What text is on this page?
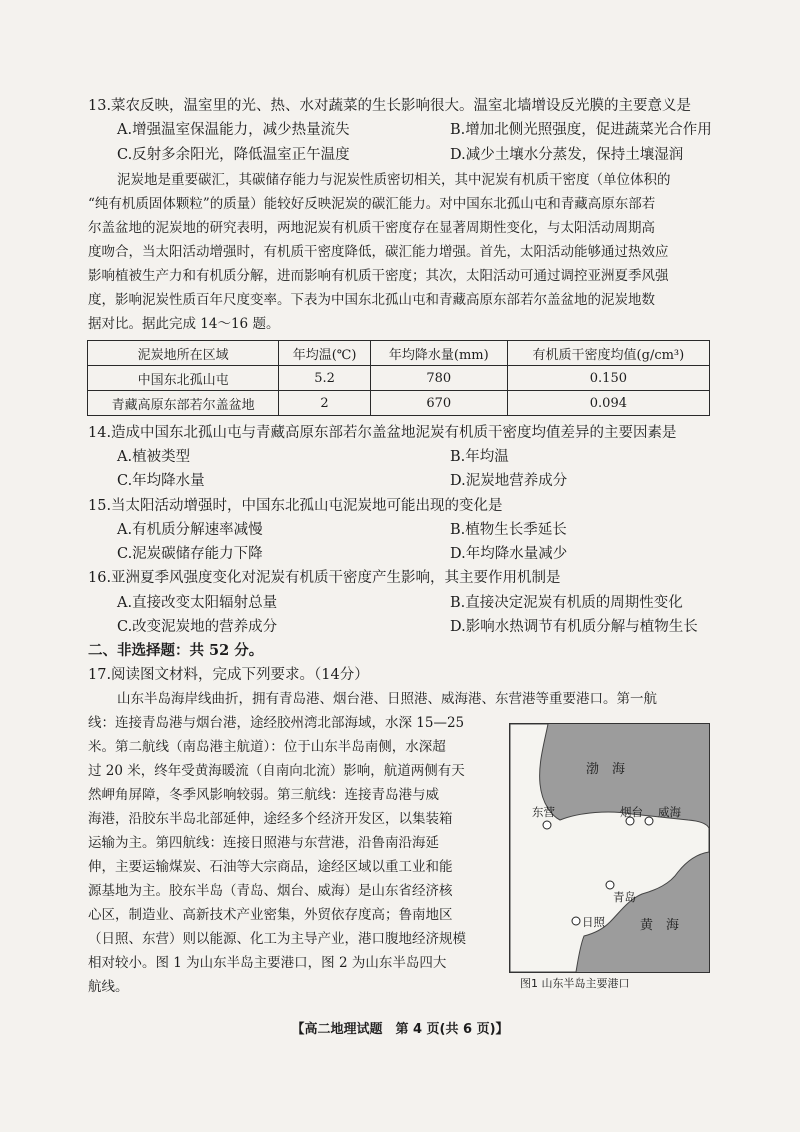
13.菜农反映，温室里的光、热、水对蔬菜的生长影响很大。温室北墙增设反光膜的主要意义是
A.增强温室保温能力，减少热量流失	B.增加北侧光照强度，促进蔬菜光合作用
C.反射多余阳光，降低温室正午温度	D.减少土壤水分蒸发，保持土壤湿润
泥炭地是重要碳汇，其碳储存能力与泥炭性质密切相关，其中泥炭有机质干密度（单位体积的
“纯有机质固体颗粒”的质量）能较好反映泥炭的碳汇能力。对中国东北孤山屯和青藏高原东部若
尔盖盆地的泥炭地的研究表明，两地泥炭有机质干密度存在显著周期性变化，与太阳活动周期高
度吻合，当太阳活动增强时，有机质干密度降低，碳汇能力增强。首先，太阳活动能够通过热效应
影响植被生产力和有机质分解，进而影响有机质干密度；其次，太阳活动可通过调控亚洲夏季风强
度，影响泥炭性质百年尺度变率。下表为中国东北孤山屯和青藏高原东部若尔盖盆地的泥炭地数
据对比。据此完成 14～16 题。
泥炭地所在区域	年均温(℃)	年均降水量(mm)	有机质干密度均值(g/cm³)
中国东北孤山屯	5.2	780	0.150
青藏高原东部若尔盖盆地	2	670	0.094
14.造成中国东北孤山屯与青藏高原东部若尔盖盆地泥炭有机质干密度均值差异的主要因素是
A.植被类型	B.年均温
C.年均降水量	D.泥炭地营养成分
15.当太阳活动增强时，中国东北孤山屯泥炭地可能出现的变化是
A.有机质分解速率减慢	B.植物生长季延长
C.泥炭碳储存能力下降	D.年均降水量减少
16.亚洲夏季风强度变化对泥炭有机质干密度产生影响，其主要作用机制是
A.直接改变太阳辐射总量	B.直接决定泥炭有机质的周期性变化
C.改变泥炭地的营养成分	D.影响水热调节有机质分解与植物生长
二、非选择题：共 52 分。
17.阅读图文材料，完成下列要求。（14分）
山东半岛海岸线曲折，拥有青岛港、烟台港、日照港、威海港、东营港等重要港口。第一航
线：连接青岛港与烟台港，途经胶州湾北部海域，水深 15—25
米。第二航线（南岛港主航道）：位于山东半岛南侧，水深超
过 20 米，终年受黄海暖流（自南向北流）影响，航道两侧有天
然岬角屏障，冬季风影响较弱。第三航线：连接青岛港与威
海港，沿胶东半岛北部延伸，途经多个经济开发区，以集装箱
运输为主。第四航线：连接日照港与东营港，沿鲁南沿海延
伸，主要运输煤炭、石油等大宗商品，途经区域以重工业和能
源基地为主。胶东半岛（青岛、烟台、威海）是山东省经济核
心区，制造业、高新技术产业密集，外贸依存度高；鲁南地区
（日照、东营）则以能源、化工为主导产业，港口腹地经济规模
相对较小。图 1 为山东半岛主要港口，图 2 为山东半岛四大
航线。
渤　海
东营	烟台 威海
青岛
日照	黄　海
图1 山东半岛主要港口
【高二地理试题　第 4 页(共 6 页)】
